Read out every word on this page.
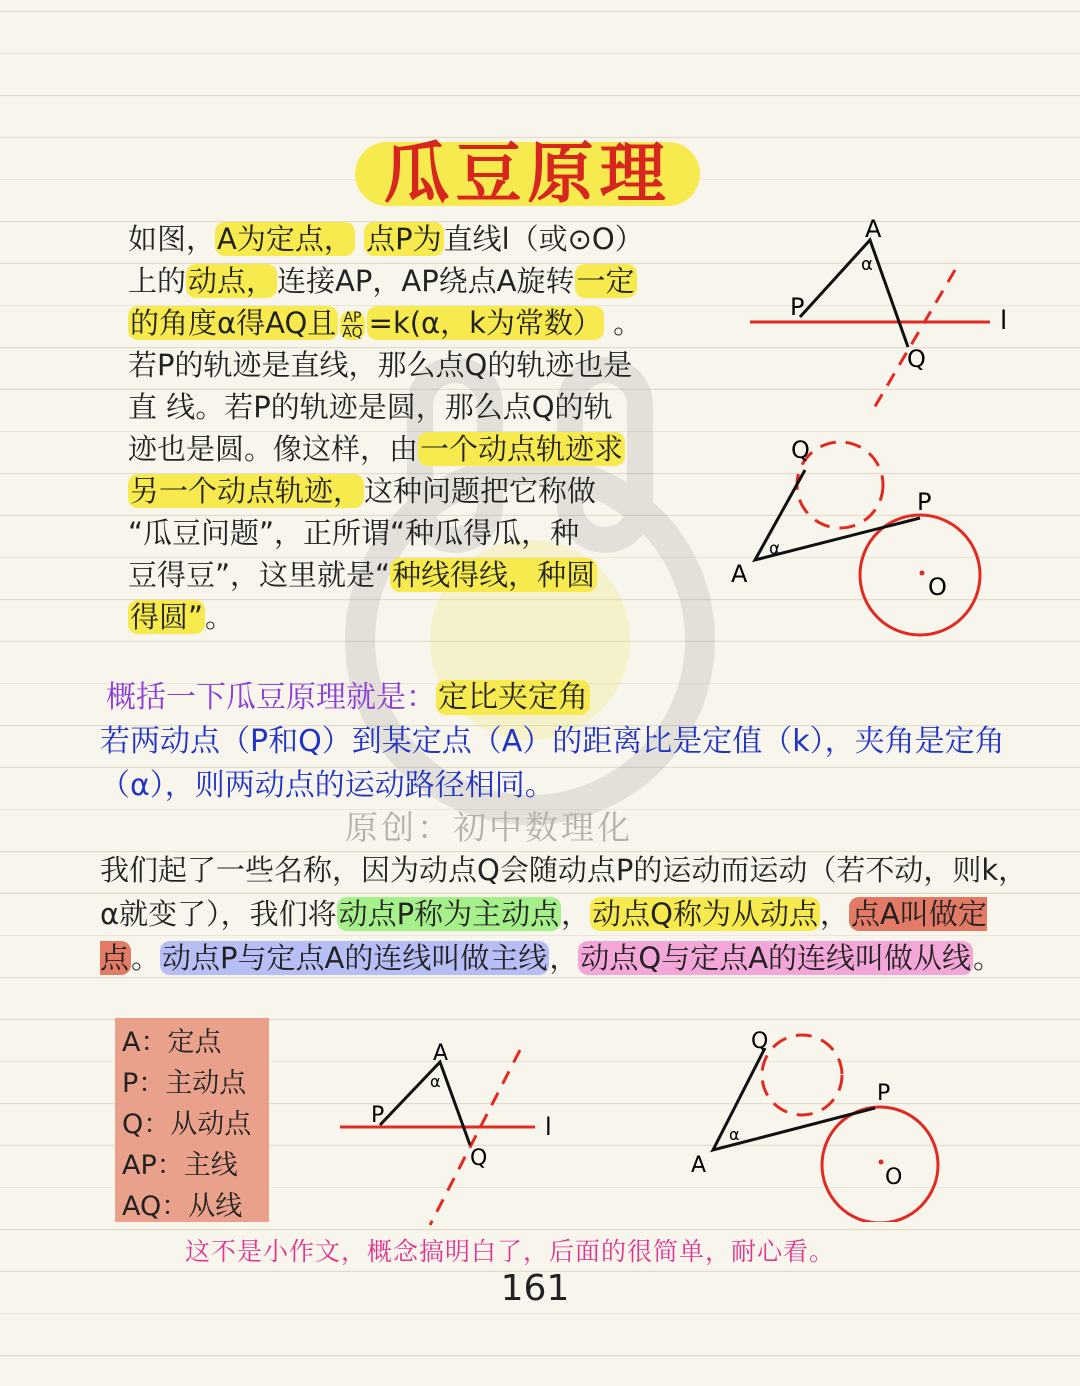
瓜豆原理

如图，A为定点， 点P为直线l（或⊙O）

上的动点，连接AP，AP绕点A旋转一定

的角度α得AQ且 $\frac{AP}{AQ} =k(\alpha$，k为常数） 。

若P的轨迹是直线，那么点Q的轨迹也是

直 线。若P的轨迹是圆，那么点Q的轨

迹也是圆。像这样，由一个动点轨迹求

另一个动点轨迹，这种问题把它称做

“瓜豆问题”，正所谓“种瓜得瓜，种

豆得豆”，这里就是“种线得线，种圆

得圆”。

A
α
P
Q
l
Q
P
A
α
O
概括一下瓜豆原理就是：定比夹定角
若两动点（P和Q）到某定点（A）的距离比是定值（k），夹角是定角（α），则两动点的运动路径相同。
原创：初中数理化
我们起了一些名称，因为动点Q会随动点P的运动而运动（若不动，则k，α就变了），我们将动点P称为主动点，动点Q称为从动点，点A叫做定点。动点P与定点A的连线叫做主线，动点Q与定点A的连线叫做从线。
A：定点
P：主动点
Q：从动点
AP：主线
AQ：从线
A
α
P
Q
l
Q
P
A
α
O
这不是小作文，概念搞明白了，后面的很简单，耐心看。
161
